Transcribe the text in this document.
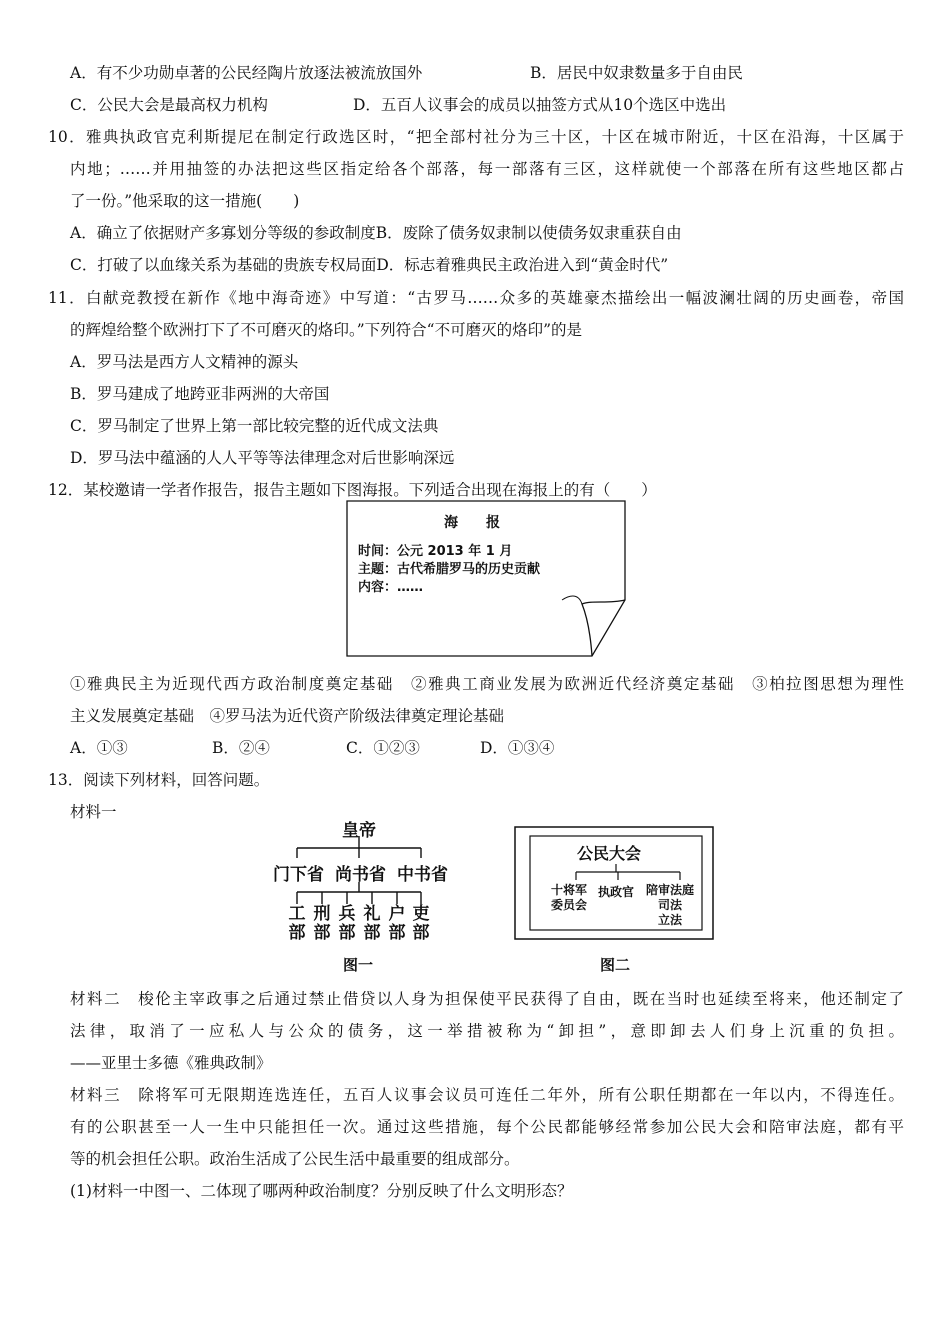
A．有不少功勋卓著的公民经陶片放逐法被流放国外	B．居民中奴隶数量多于自由民
C．公民大会是最高权力机构	D．五百人议事会的成员以抽签方式从10个选区中选出
10．雅典执政官克利斯提尼在制定行政选区时，“把全部村社分为三十区，十区在城市附近，十区在沿海，十区属于
内地；……并用抽签的办法把这些区指定给各个部落，每一部落有三区，这样就使一个部落在所有这些地区都占
了一份。”他采取的这一措施(　　)
A．确立了依据财产多寡划分等级的参政制度B．废除了债务奴隶制以使债务奴隶重获自由
C．打破了以血缘关系为基础的贵族专权局面D．标志着雅典民主政治进入到“黄金时代”
11．白献竞教授在新作《地中海奇迹》中写道：“古罗马……众多的英雄豪杰描绘出一幅波澜壮阔的历史画卷，帝国
的辉煌给整个欧洲打下了不可磨灭的烙印。”下列符合“不可磨灭的烙印”的是
A．罗马法是西方人文精神的源头
B．罗马建成了地跨亚非两洲的大帝国
C．罗马制定了世界上第一部比较完整的近代成文法典
D．罗马法中蕴涵的人人平等等法律理念对后世影响深远
12．某校邀请一学者作报告，报告主题如下图海报。下列适合出现在海报上的有（　　）
海　　报
时间：公元 2013 年 1 月
主题：古代希腊罗马的历史贡献
内容：……
①雅典民主为近现代西方政治制度奠定基础　②雅典工商业发展为欧洲近代经济奠定基础　③柏拉图思想为理性
主义发展奠定基础　④罗马法为近代资产阶级法律奠定理论基础
A．①③	B．②④	C．①②③	D．①③④
13．阅读下列材料，回答问题。
材料一
皇帝
门下省 尚书省 中书省
工
部
刑
部
兵
部
礼
部
户
部
吏
部
图一
公民大会
十将军
委员会
执政官 陪审法庭
司法
立法
图二
材料二　梭伦主宰政事之后通过禁止借贷以人身为担保使平民获得了自由，既在当时也延续至将来，他还制定了
法律，取消了一应私人与公众的债务，这一举措被称为“卸担”，意即卸去人们身上沉重的负担。
——亚里士多德《雅典政制》
材料三　除将军可无限期连选连任，五百人议事会议员可连任二年外，所有公职任期都在一年以内，不得连任。
有的公职甚至一人一生中只能担任一次。通过这些措施，每个公民都能够经常参加公民大会和陪审法庭，都有平
等的机会担任公职。政治生活成了公民生活中最重要的组成部分。
(1)材料一中图一、二体现了哪两种政治制度？分别反映了什么文明形态？
